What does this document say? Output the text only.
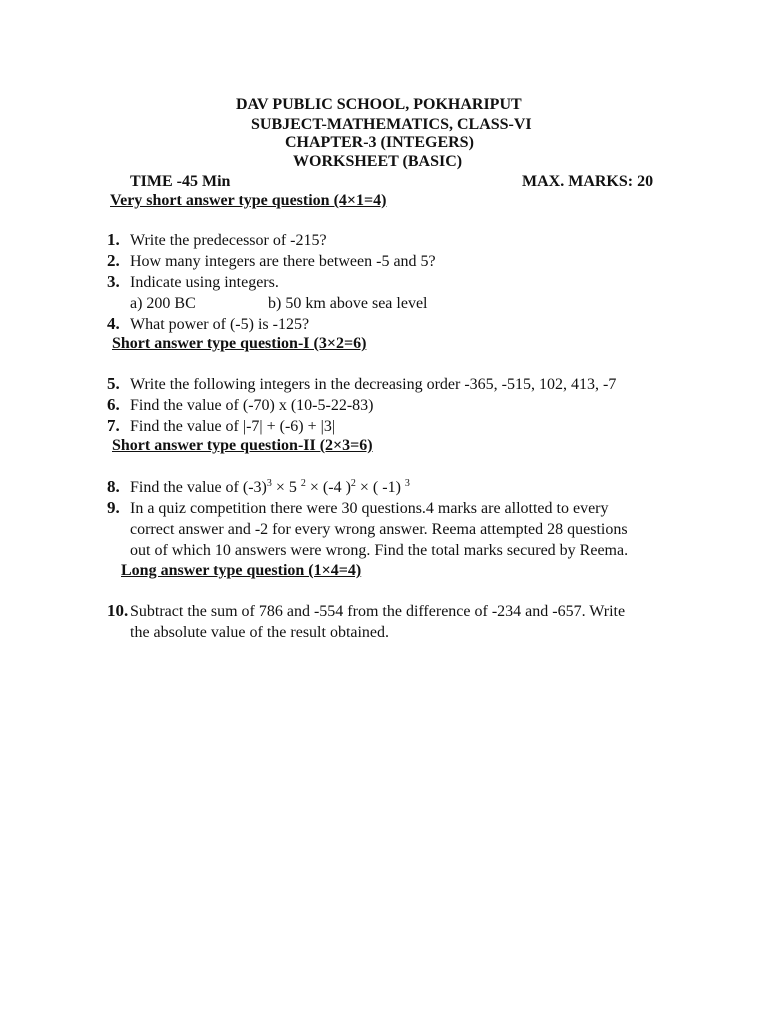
DAV PUBLIC SCHOOL, POKHARIPUT
SUBJECT-MATHEMATICS, CLASS-VI
CHAPTER-3 (INTEGERS)
WORKSHEET (BASIC)
TIME -45 Min	MAX. MARKS: 20
Very short answer type question (4×1=4)
1. Write the predecessor of -215?
2. How many integers are there between -5 and 5?
3. Indicate using integers.
a) 200 BC	b) 50 km above sea level
4. What power of (-5) is -125?
Short answer type question-I (3×2=6)
5. Write the following integers in the decreasing order -365, -515, 102, 413, -7
6. Find the value of (-70) x (10-5-22-83)
7. Find the value of |-7| + (-6) + |3|
Short answer type question-II (2×3=6)
8. Find the value of $(-3)^3 \times 5$ $^2$ × (-4 )$^2$ × ( -1) $^3$
9. In a quiz competition there were 30 questions.4 marks are allotted to every
correct answer and -2 for every wrong answer. Reema attempted 28 questions
out of which 10 answers were wrong. Find the total marks secured by Reema.
Long answer type question (1×4=4)
10. Subtract the sum of 786 and -554 from the difference of -234 and -657. Write
the absolute value of the result obtained.
